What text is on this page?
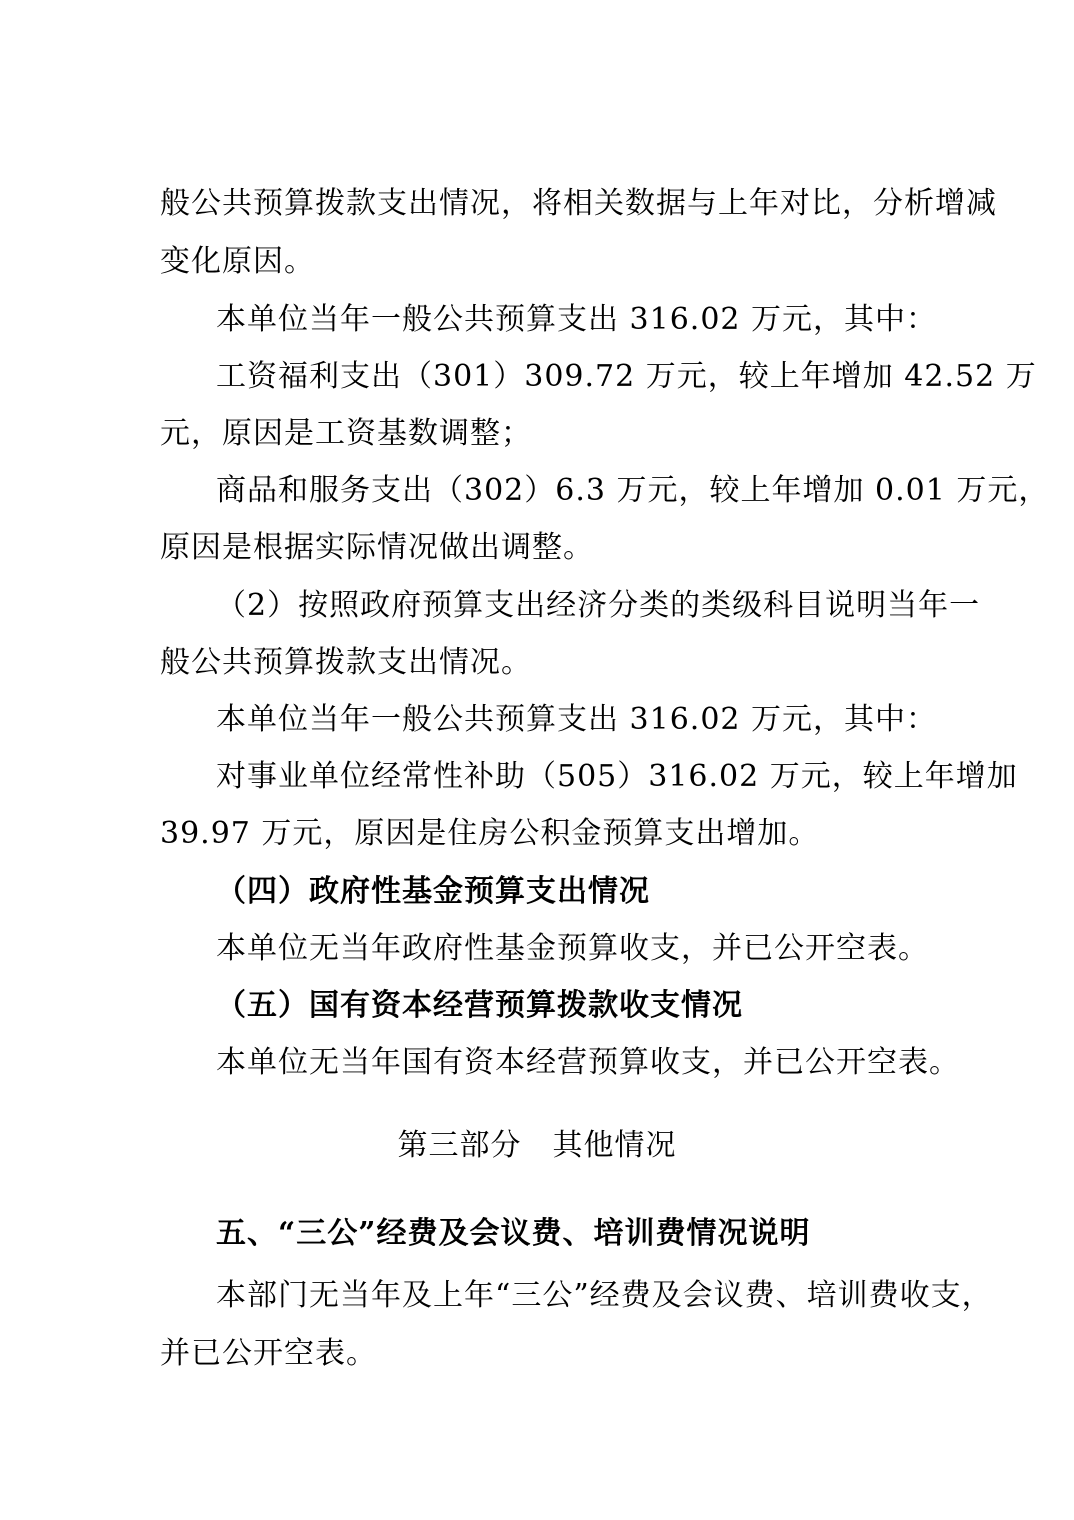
般公共预算拨款支出情况，将相关数据与上年对比，分析增减
变化原因。
本单位当年一般公共预算支出 316.02 万元，其中：
工资福利支出（301）309.72 万元，较上年增加 42.52 万
元，原因是工资基数调整；
商品和服务支出（302）6.3 万元，较上年增加 0.01 万元，
原因是根据实际情况做出调整。
（2）按照政府预算支出经济分类的类级科目说明当年一
般公共预算拨款支出情况。
本单位当年一般公共预算支出 316.02 万元，其中：
对事业单位经常性补助（505）316.02 万元，较上年增加
39.97 万元，原因是住房公积金预算支出增加。
（四）政府性基金预算支出情况
本单位无当年政府性基金预算收支，并已公开空表。
（五）国有资本经营预算拨款收支情况
本单位无当年国有资本经营预算收支，并已公开空表。
第三部分　其他情况
五、“三公”经费及会议费、培训费情况说明
本部门无当年及上年“三公”经费及会议费、培训费收支，
并已公开空表。
